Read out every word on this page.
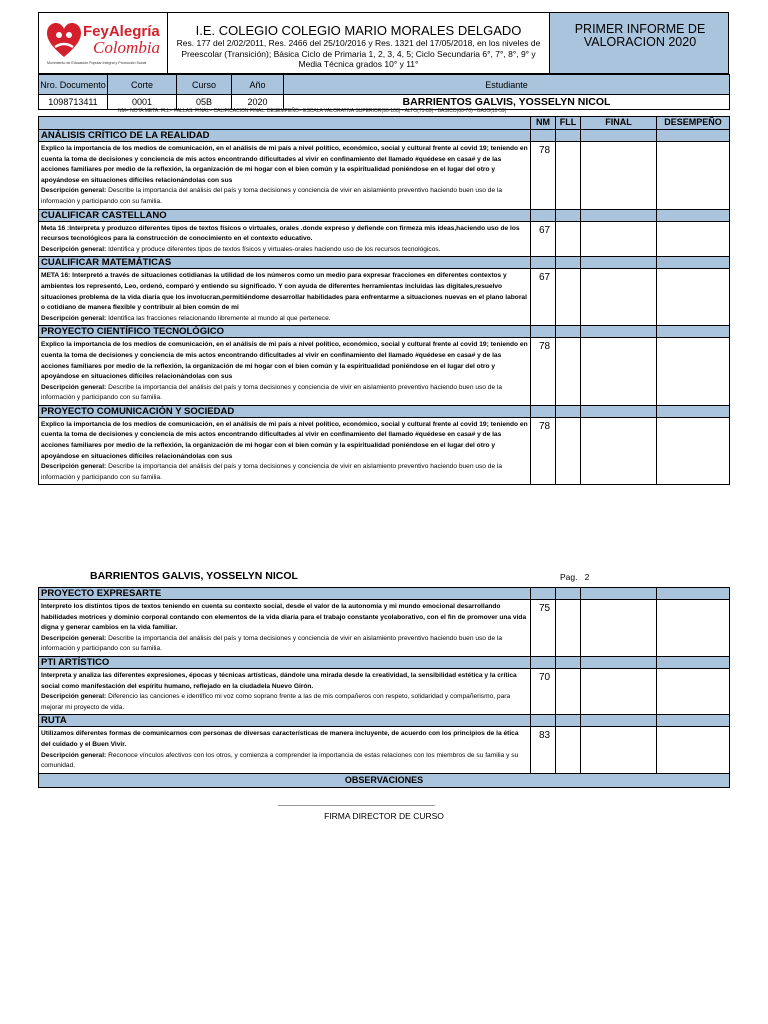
FeyAlegría
Colombia
Movimiento de Educación Popular Integral y Promoción Social
I.E. COLEGIO COLEGIO MARIO MORALES DELGADO
Res. 177 del 2/02/2011, Res. 2466 del 25/10/2016 y Res. 1321 del 17/05/2018, en los niveles de Preescolar (Transición); Básica Ciclo de Primaria 1, 2, 3, 4, 5; Ciclo Secundaria 6°, 7°, 8°, 9° y Media Técnica grados 10° y 11°
PRIMER INFORME DE VALORACION 2020
Nro. Documento	Corte	Curso	Año	Estudiante
1098713411	0001	05B	2020	BARRIENTOS GALVIS, YOSSELYN NICOL
NM= NOTA META. FLL= FALLAS. FINAL= CALIFICACION FINAL. DESEMPEÑO= ESCALA VALORATIVA SUPERIOR(90-100) - ALTO(71-89) - BASICO(60-70) - BAJO(10-59)
	NM	FLL	FINAL	DESEMPEÑO
ANÁLISIS CRÍTICO DE LA REALIDAD				
Explico la importancia de los medios de comunicación, en el análisis de mi país a nivel político, económico, social y cultural frente al covid 19; teniendo en cuenta la toma de decisiones y conciencia de mis actos encontrando dificultades al vivir en confinamiento del llamado #quédese en casa# y de las acciones familiares por medio de la reflexión, la organización de mi hogar con el bien común y la espiritualidad poniéndose en el lugar del otro y apoyándose en situaciones difíciles relacionándolas con sus
Descripción general: Describe la importancia del análisis del país y toma decisiones y conciencia de vivir en aislamiento preventivo haciendo buen uso de la información y participando con su familia.	78			
CUALIFICAR CASTELLANO				
Meta 16 :Interpreta y produzco diferentes tipos de textos físicos o virtuales, orales .donde expreso y defiende con firmeza mis ideas,haciendo uso de los recursos tecnológicos para la construcción de conocimiento en el contexto educativo.
Descripción general: Identifica y produce diferentes tipos de textos físicos y virtuales-orales haciendo uso de los recursos tecnológicos.	67			
CUALIFICAR MATEMÁTICAS				
META 16: Interpretó a través de situaciones cotidianas la utilidad de los números como un medio para expresar fracciones en diferentes contextos y ambientes los representó, Leo, ordenó, comparó y entiendo su significado. Y con ayuda de diferentes herramientas incluidas las digitales,resuelvo situaciones problema de la vida diaria que los involucran,permitiéndome desarrollar habilidades para enfrentarme a situaciones nuevas en el plano laboral o cotidiano de manera flexible y contribuir al bien común de mi
Descripción general: Identifica las fracciones relacionando libremente al mundo al que pertenece.	67			
PROYECTO CIENTÍFICO TECNOLÓGICO				
Explico la importancia de los medios de comunicación, en el análisis de mi país a nivel político, económico, social y cultural frente al covid 19; teniendo en cuenta la toma de decisiones y conciencia de mis actos encontrando dificultades al vivir en confinamiento del llamado #quédese en casa# y de las acciones familiares por medio de la reflexión, la organización de mi hogar con el bien común y la espiritualidad poniéndose en el lugar del otro y apoyándose en situaciones difíciles relacionándolas con sus
Descripción general: Describe la importancia del análisis del país y toma decisiones y conciencia de vivir en aislamiento preventivo haciendo buen uso de la información y participando con su familia.	78			
PROYECTO COMUNICACIÓN Y SOCIEDAD				
Explico la importancia de los medios de comunicación, en el análisis de mi país a nivel político, económico, social y cultural frente al covid 19; teniendo en cuenta la toma de decisiones y conciencia de mis actos encontrando dificultades al vivir en confinamiento del llamado #quédese en casa# y de las acciones familiares por medio de la reflexión, la organización de mi hogar con el bien común y la espiritualidad poniéndose en el lugar del otro y apoyándose en situaciones difíciles relacionándolas con sus
Descripción general: Describe la importancia del análisis del país y toma decisiones y conciencia de vivir en aislamiento preventivo haciendo buen uso de la información y participando con su familia.	78			
BARRIENTOS GALVIS, YOSSELYN NICOL	Pag. 2
PROYECTO EXPRESARTE				
Interpreto los distintos tipos de textos teniendo en cuenta su contexto social, desde el valor de la autonomía y mi mundo emocional desarrollando habilidades motrices y dominio corporal contando con elementos de la vida diaria para el trabajo constante ycolaborativo, con el fin de promover una vida digna y generar cambios en la vida familiar.
Descripción general: Describe la importancia del análisis del país y toma decisiones y conciencia de vivir en aislamiento preventivo haciendo buen uso de la información y participando con su familia.	75			
PTI ARTÍSTICO				
Interpreta y analiza las diferentes expresiones, épocas y técnicas artísticas, dándole una mirada desde la creatividad, la sensibilidad estética y la crítica social como manifestación del espíritu humano, reflejado en la ciudadela Nuevo Girón.
Descripción general: Diferencio las canciones e identifico mi voz como soprano frente a las de mis compañeros con respeto, solidaridad y compañerismo, para mejorar mi proyecto de vida.	70			
RUTA				
Utilizamos diferentes formas de comunicarnos con personas de diversas características de manera incluyente, de acuerdo con los principios de la ética del cuidado y el Buen Vivir.
Descripción general: Reconoce vínculos afectivos con los otros, y comienza a comprender la importancia de estas relaciones con los miembros de su familia y su comunidad.	83			
OBSERVACIONES				
_______________________________________________
FIRMA DIRECTOR DE CURSO
